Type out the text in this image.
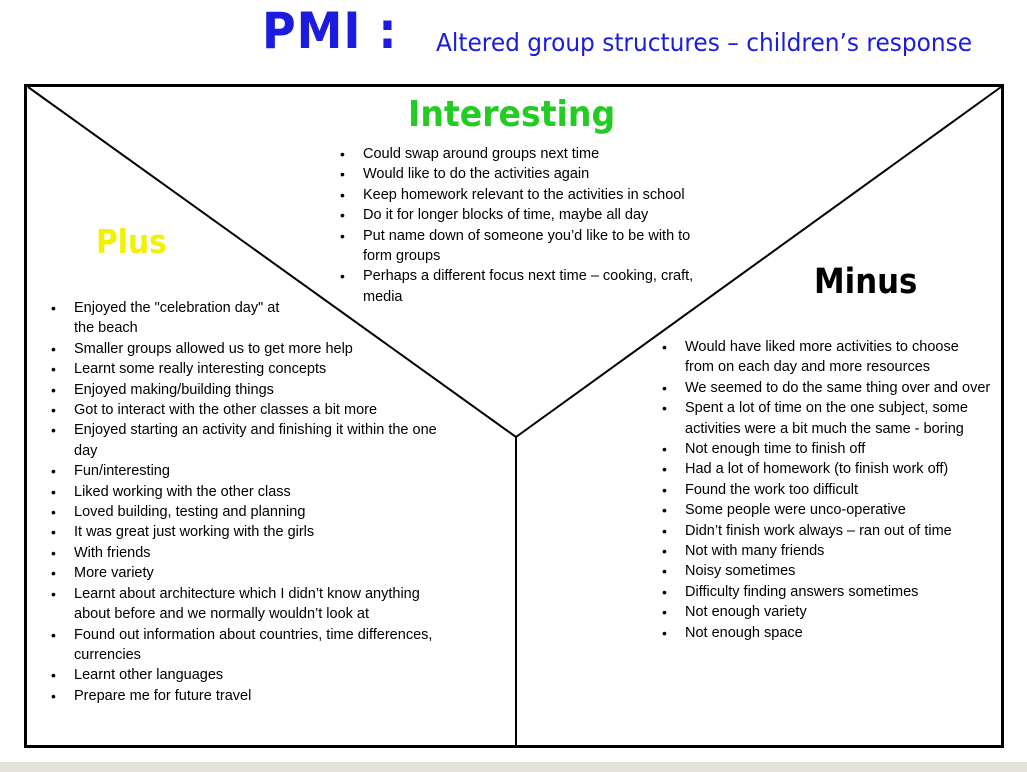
PMI : Altered group structures – children’s response
Interesting
• Could swap around groups next time
• Would like to do the activities again
• Keep homework relevant to the activities in school
• Do it for longer blocks of time, maybe all day
• Put name down of someone you’d like to be with to form groups
• Perhaps a different focus next time – cooking, craft, media
Plus
• Enjoyed the "celebration day" at the beach
• Smaller groups allowed us to get more help
• Learnt some really interesting concepts
• Enjoyed making/building things
• Got to interact with the other classes a bit more
• Enjoyed starting an activity and finishing it within the one day
• Fun/interesting
• Liked working with the other class
• Loved building, testing and planning
• It was great just working with the girls
• With friends
• More variety
• Learnt about architecture which I didn’t know anything about before and we normally wouldn’t look at
• Found out information about countries, time differences, currencies
• Learnt other languages
• Prepare me for future travel
Minus
• Would have liked more activities to choose from on each day and more resources
• We seemed to do the same thing over and over
• Spent a lot of time on the one subject, some activities were a bit much the same - boring
• Not enough time to finish off
• Had a lot of homework (to finish work off)
• Found the work too difficult
• Some people were unco-operative
• Didn’t finish work always – ran out of time
• Not with many friends
• Noisy sometimes
• Difficulty finding answers sometimes
• Not enough variety
• Not enough space
